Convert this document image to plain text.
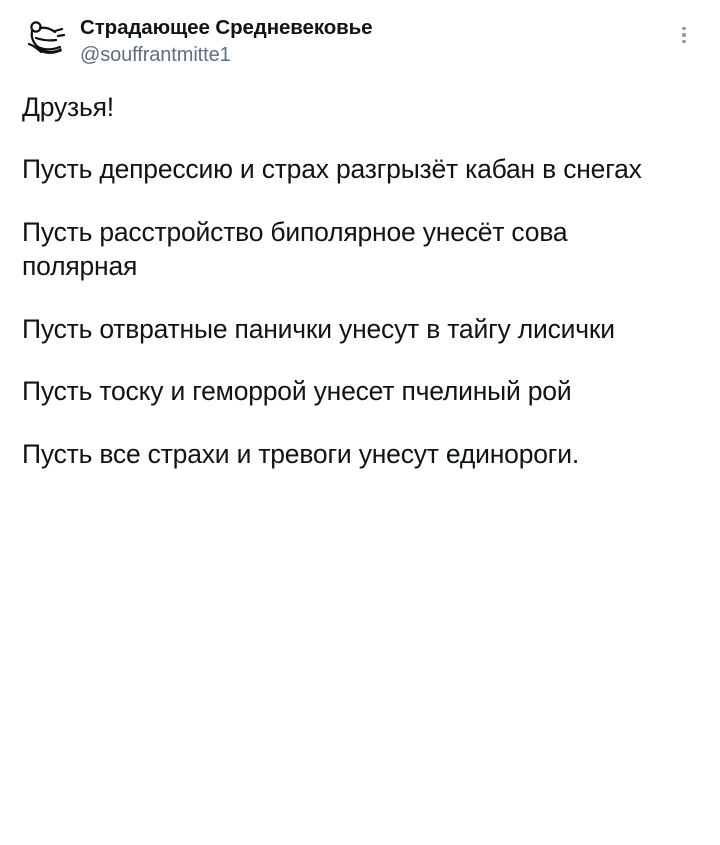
Страдающее Средневековье
@souffrantmitte1

Друзья!

Пусть депрессию и страх разгрызёт кабан в снегах

Пусть расстройство биполярное унесёт сова полярная

Пусть отвратные панички унесут в тайгу лисички

Пусть тоску и геморрой унесет пчелиный рой

Пусть все страхи и тревоги унесут единороги.
